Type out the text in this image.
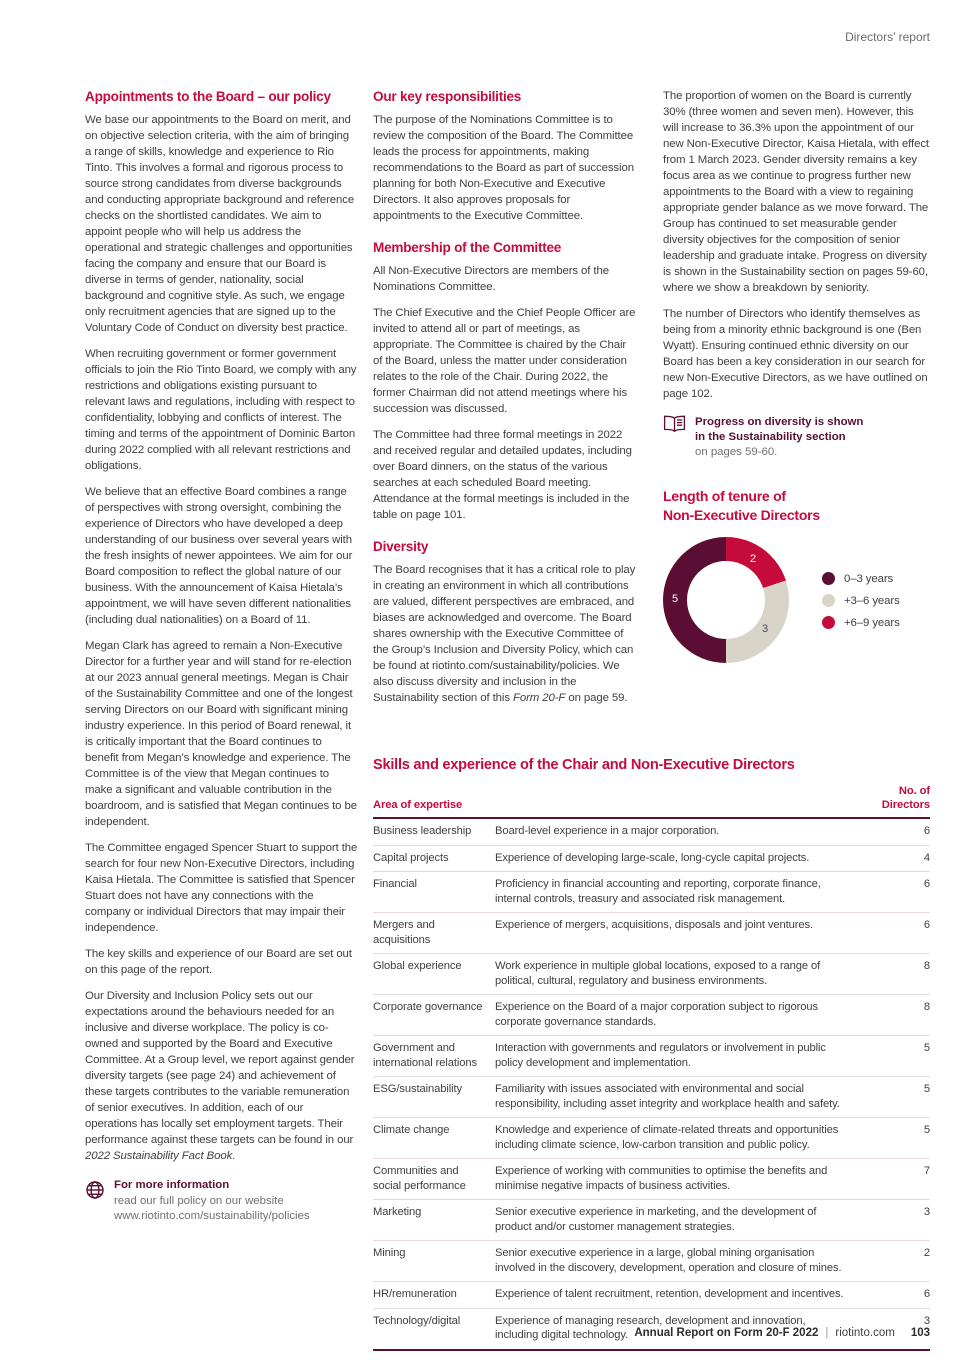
Directors’ report
Appointments to the Board – our policy

We base our appointments to the Board on merit, and on objective selection criteria, with the aim of bringing a range of skills, knowledge and experience to Rio Tinto. This involves a formal and rigorous process to source strong candidates from diverse backgrounds and conducting appropriate background and reference checks on the shortlisted candidates. We aim to appoint people who will help us address the operational and strategic challenges and opportunities facing the company and ensure that our Board is diverse in terms of gender, nationality, social background and cognitive style. As such, we engage only recruitment agencies that are signed up to the Voluntary Code of Conduct on diversity best practice.

When recruiting government or former government officials to join the Rio Tinto Board, we comply with any restrictions and obligations existing pursuant to relevant laws and regulations, including with respect to confidentiality, lobbying and conflicts of interest. The timing and terms of the appointment of Dominic Barton during 2022 complied with all relevant restrictions and obligations.

We believe that an effective Board combines a range of perspectives with strong oversight, combining the experience of Directors who have developed a deep understanding of our business over several years with the fresh insights of newer appointees. We aim for our Board composition to reflect the global nature of our business. With the announcement of Kaisa Hietala’s appointment, we will have seven different nationalities (including dual nationalities) on a Board of 11.

Megan Clark has agreed to remain a Non-Executive Director for a further year and will stand for re-election at our 2023 annual general meetings. Megan is Chair of the Sustainability Committee and one of the longest serving Directors on our Board with significant mining industry experience. In this period of Board renewal, it is critically important that the Board continues to benefit from Megan’s knowledge and experience. The Committee is of the view that Megan continues to make a significant and valuable contribution in the boardroom, and is satisfied that Megan continues to be independent.

The Committee engaged Spencer Stuart to support the search for four new Non-Executive Directors, including Kaisa Hietala. The Committee is satisfied that Spencer Stuart does not have any connections with the company or individual Directors that may impair their independence.

The key skills and experience of our Board are set out on this page of the report.

Our Diversity and Inclusion Policy sets out our expectations around the behaviours needed for an inclusive and diverse workplace. The policy is co-owned and supported by the Board and Executive Committee. At a Group level, we report against gender diversity targets (see page 24) and achievement of these targets contributes to the variable remuneration of senior executives. In addition, each of our operations has locally set employment targets. Their performance against these targets can be found in our 2022 Sustainability Fact Book.

For more information
read our full policy on our website
www.riotinto.com/sustainability/policies
Our key responsibilities

The purpose of the Nominations Committee is to review the composition of the Board. The Committee leads the process for appointments, making recommendations to the Board as part of succession planning for both Non-Executive and Executive Directors. It also approves proposals for appointments to the Executive Committee.

Membership of the Committee

All Non-Executive Directors are members of the Nominations Committee.

The Chief Executive and the Chief People Officer are invited to attend all or part of meetings, as appropriate. The Committee is chaired by the Chair of the Board, unless the matter under consideration relates to the role of the Chair. During 2022, the former Chairman did not attend meetings where his succession was discussed.

The Committee had three formal meetings in 2022 and received regular and detailed updates, including over Board dinners, on the status of the various searches at each scheduled Board meeting. Attendance at the formal meetings is included in the table on page 101.

Diversity

The Board recognises that it has a critical role to play in creating an environment in which all contributions are valued, different perspectives are embraced, and biases are acknowledged and overcome. The Board shares ownership with the Executive Committee of the Group’s Inclusion and Diversity Policy, which can be found at riotinto.com/sustainability/policies. We also discuss diversity and inclusion in the Sustainability section of this Form 20-F on page 59.

The proportion of women on the Board is currently 30% (three women and seven men). However, this will increase to 36.3% upon the appointment of our new Non-Executive Director, Kaisa Hietala, with effect from 1 March 2023. Gender diversity remains a key focus area as we continue to progress further new appointments to the Board with a view to regaining appropriate gender balance as we move forward. The Group has continued to set measurable gender diversity objectives for the composition of senior leadership and graduate intake. Progress on diversity is shown in the Sustainability section on pages 59-60, where we show a breakdown by seniority.

The number of Directors who identify themselves as being from a minority ethnic background is one (Ben Wyatt). Ensuring continued ethnic diversity on our Board has been a key consideration in our search for new Non-Executive Directors, as we have outlined on page 102.

Progress on diversity is shown
in the Sustainability section
on pages 59-60.
Length of tenure of
Non-Executive Directors
2
3
5
0–3 years
+3–6 years
+6–9 years
Skills and experience of the Chair and Non-Executive Directors
Area of expertise		No. of
Directors
Business leadership	Board-level experience in a major corporation.	6
Capital projects	Experience of developing large-scale, long-cycle capital projects.	4
Financial	Proficiency in financial accounting and reporting, corporate finance, internal controls, treasury and associated risk management.	6
Mergers and acquisitions	Experience of mergers, acquisitions, disposals and joint ventures.	6
Global experience	Work experience in multiple global locations, exposed to a range of political, cultural, regulatory and business environments.	8
Corporate governance	Experience on the Board of a major corporation subject to rigorous corporate governance standards.	8
Government and international relations	Interaction with governments and regulators or involvement in public policy development and implementation.	5
ESG/sustainability	Familiarity with issues associated with environmental and social responsibility, including asset integrity and workplace health and safety.	5
Climate change	Knowledge and experience of climate-related threats and opportunities including climate science, low-carbon transition and public policy.	5
Communities and social performance	Experience of working with communities to optimise the benefits and minimise negative impacts of business activities.	7
Marketing	Senior executive experience in marketing, and the development of product and/or customer management strategies.	3
Mining	Senior executive experience in a large, global mining organisation involved in the discovery, development, operation and closure of mines.	2
HR/remuneration	Experience of talent recruitment, retention, development and incentives.	6
Technology/digital	Experience of managing research, development and innovation, including digital technology.	3
Annual Report on Form 20-F 2022 | riotinto.com 103
